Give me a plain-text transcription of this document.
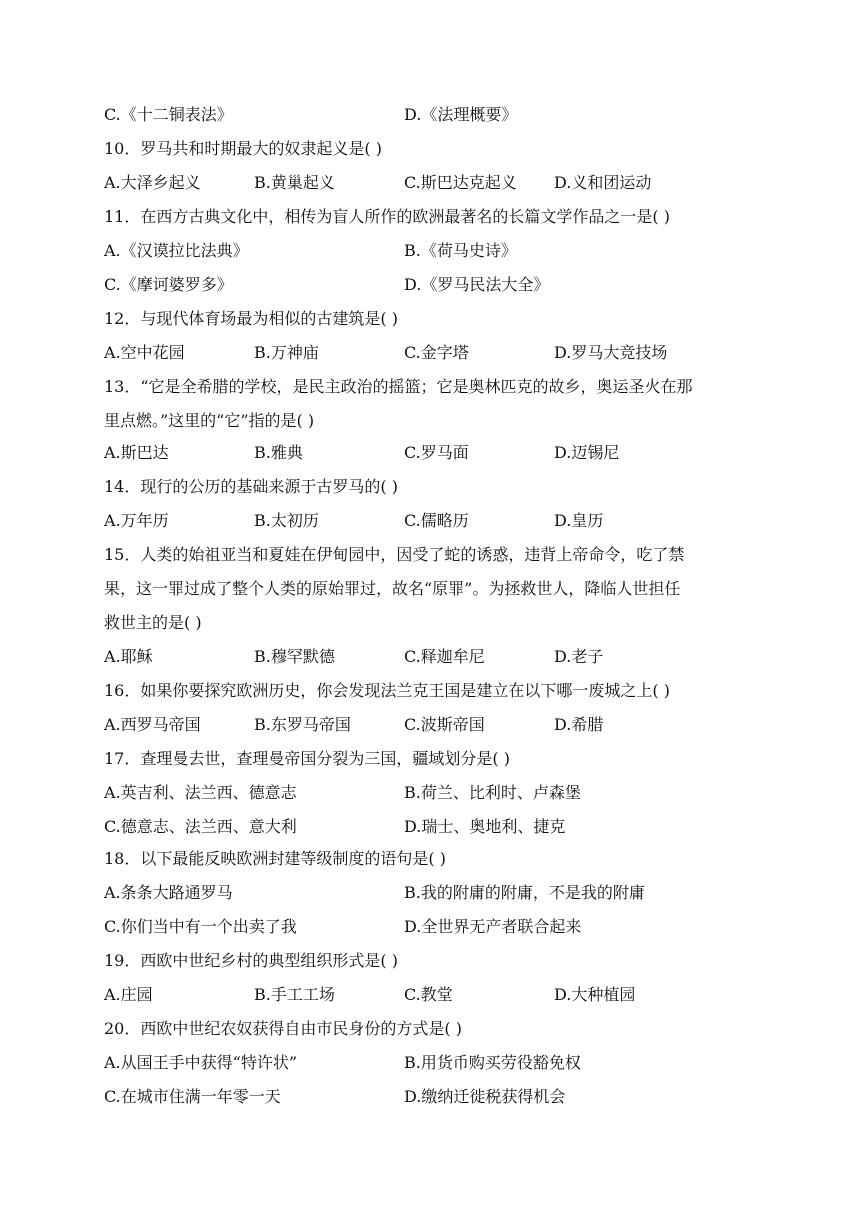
C.《十二铜表法》	D.《法理概要》
10．罗马共和时期最大的奴隶起义是( )
A.大泽乡起义	B.黄巢起义	C.斯巴达克起义 D.义和团运动
11．在西方古典文化中，相传为盲人所作的欧洲最著名的长篇文学作品之一是( )
A.《汉谟拉比法典》	B.《荷马史诗》
C.《摩诃婆罗多》	D.《罗马民法大全》
12．与现代体育场最为相似的古建筑是( )
A.空中花园	B.万神庙	C.金字塔	D.罗马大竞技场
13．“它是全希腊的学校，是民主政治的摇篮；它是奥林匹克的故乡，奥运圣火在那
里点燃。”这里的“它”指的是( )
A.斯巴达	B.雅典	C.罗马面	D.迈锡尼
14．现行的公历的基础来源于古罗马的( )
A.万年历	B.太初历	C.儒略历	D.皇历
15．人类的始祖亚当和夏娃在伊甸园中，因受了蛇的诱惑，违背上帝命令，吃了禁
果，这一罪过成了整个人类的原始罪过，故名“原罪”。为拯救世人，降临人世担任
救世主的是( )
A.耶稣	B.穆罕默德	C.释迦牟尼	D.老子
16．如果你要探究欧洲历史，你会发现法兰克王国是建立在以下哪一废城之上( )
A.西罗马帝国	B.东罗马帝国	C.波斯帝国	D.希腊
17．查理曼去世，查理曼帝国分裂为三国，疆域划分是( )
A.英吉利、法兰西、德意志	B.荷兰、比利时、卢森堡
C.德意志、法兰西、意大利	D.瑞士、奥地利、捷克
18．以下最能反映欧洲封建等级制度的语句是( )
A.条条大路通罗马	B.我的附庸的附庸，不是我的附庸
C.你们当中有一个出卖了我	D.全世界无产者联合起来
19．西欧中世纪乡村的典型组织形式是( )
A.庄园	B.手工工场	C.教堂	D.大种植园
20．西欧中世纪农奴获得自由市民身份的方式是( )
A.从国王手中获得“特许状”	B.用货币购买劳役豁免权
C.在城市住满一年零一天	D.缴纳迁徙税获得机会
